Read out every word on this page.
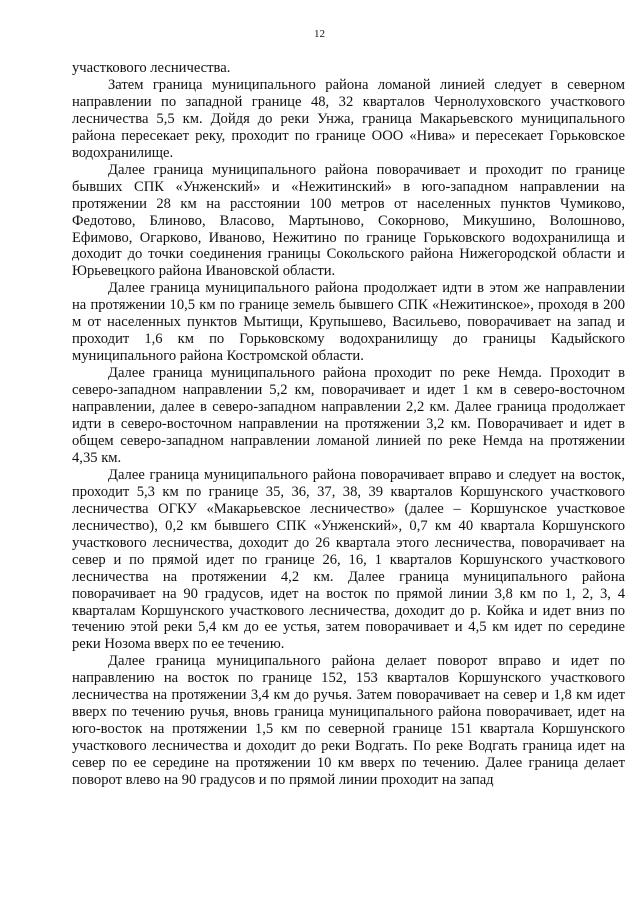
12

участкового лесничества.

Затем граница муниципального района ломаной линией следует в северном направлении по западной границе 48, 32 кварталов Чернолуховского участкового лесничества 5,5 км. Дойдя до реки Унжа, граница Макарьевского муниципального района пересекает реку, проходит по границе ООО «Нива» и пересекает Горьковское водохранилище.

Далее граница муниципального района поворачивает и проходит по границе бывших СПК «Унженский» и «Нежитинский» в юго-западном направлении на протяжении 28 км на расстоянии 100 метров от населенных пунктов Чумиково, Федотово, Блиново, Власово, Мартыново, Сокорново, Микушино, Волошново, Ефимово, Огарково, Иваново, Нежитино по границе Горьковского водохранилища и доходит до точки соединения границы Сокольского района Нижегородской области и Юрьевецкого района Ивановской области.

Далее граница муниципального района продолжает идти в этом же направлении на протяжении 10,5 км по границе земель бывшего СПК «Нежитинское», проходя в 200 м от населенных пунктов Мытищи, Крупышево, Васильево, поворачивает на запад и проходит 1,6 км по Горьковскому водохранилищу до границы Кадыйского муниципального района Костромской области.

Далее граница муниципального района проходит по реке Немда. Проходит в северо-западном направлении 5,2 км, поворачивает и идет 1 км в северо-восточном направлении, далее в северо-западном направлении 2,2 км. Далее граница продолжает идти в северо-восточном направлении на протяжении 3,2 км. Поворачивает и идет в общем северо-западном направлении ломаной линией по реке Немда на протяжении 4,35 км.

Далее граница муниципального района поворачивает вправо и следует на восток, проходит 5,3 км по границе 35, 36, 37, 38, 39 кварталов Коршунского участкового лесничества ОГКУ «Макарьевское лесничество» (далее – Коршунское участковое лесничество), 0,2 км бывшего СПК «Унженский», 0,7 км 40 квартала Коршунского участкового лесничества, доходит до 26 квартала этого лесничества, поворачивает на север и по прямой идет по границе 26, 16, 1 кварталов Коршунского участкового лесничества на протяжении 4,2 км. Далее граница муниципального района поворачивает на 90 градусов, идет на восток по прямой линии 3,8 км по 1, 2, 3, 4 кварталам Коршунского участкового лесничества, доходит до р. Койка и идет вниз по течению этой реки 5,4 км до ее устья, затем поворачивает и 4,5 км идет по середине реки Нозома вверх по ее течению.

Далее граница муниципального района делает поворот вправо и идет по направлению на восток по границе 152, 153 кварталов Коршунского участкового лесничества на протяжении 3,4 км до ручья. Затем поворачивает на север и 1,8 км идет вверх по течению ручья, вновь граница муниципального района поворачивает, идет на юго-восток на протяжении 1,5 км по северной границе 151 квартала Коршунского участкового лесничества и доходит до реки Водгать. По реке Водгать граница идет на север по ее середине на протяжении 10 км вверх по течению. Далее граница делает поворот влево на 90 градусов и по прямой линии проходит на запад
